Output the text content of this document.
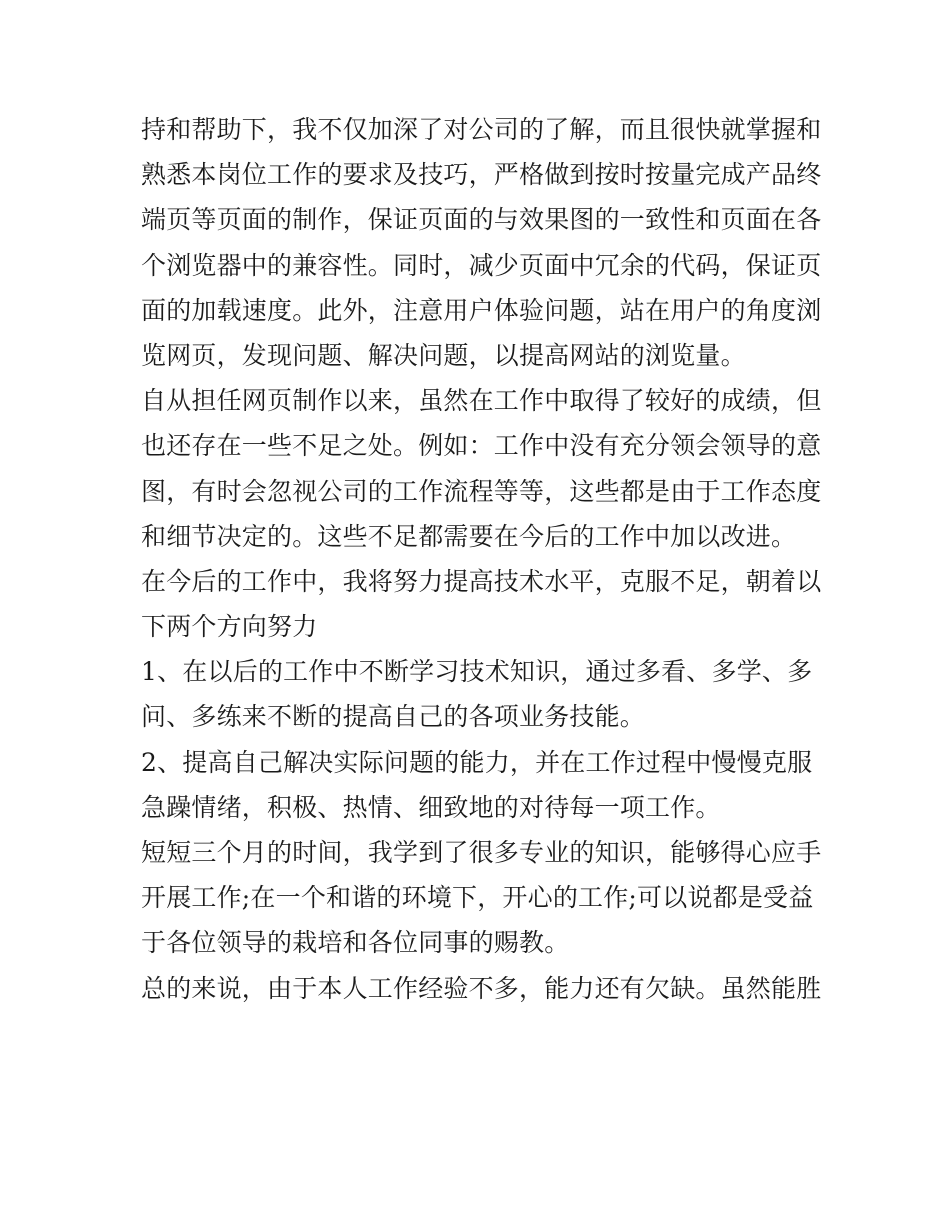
持和帮助下，我不仅加深了对公司的了解，而且很快就掌握和
熟悉本岗位工作的要求及技巧，严格做到按时按量完成产品终
端页等页面的制作，保证页面的与效果图的一致性和页面在各
个浏览器中的兼容性。同时，减少页面中冗余的代码，保证页
面的加载速度。此外，注意用户体验问题，站在用户的角度浏
览网页，发现问题、解决问题，以提高网站的浏览量。
自从担任网页制作以来，虽然在工作中取得了较好的成绩，但
也还存在一些不足之处。例如：工作中没有充分领会领导的意
图，有时会忽视公司的工作流程等等，这些都是由于工作态度
和细节决定的。这些不足都需要在今后的工作中加以改进。
在今后的工作中，我将努力提高技术水平，克服不足，朝着以
下两个方向努力
1、在以后的工作中不断学习技术知识，通过多看、多学、多
问、多练来不断的提高自己的各项业务技能。
2、提高自己解决实际问题的能力，并在工作过程中慢慢克服
急躁情绪，积极、热情、细致地的对待每一项工作。
短短三个月的时间，我学到了很多专业的知识，能够得心应手
开展工作;在一个和谐的环境下，开心的工作;可以说都是受益
于各位领导的栽培和各位同事的赐教。
总的来说，由于本人工作经验不多，能力还有欠缺。虽然能胜
